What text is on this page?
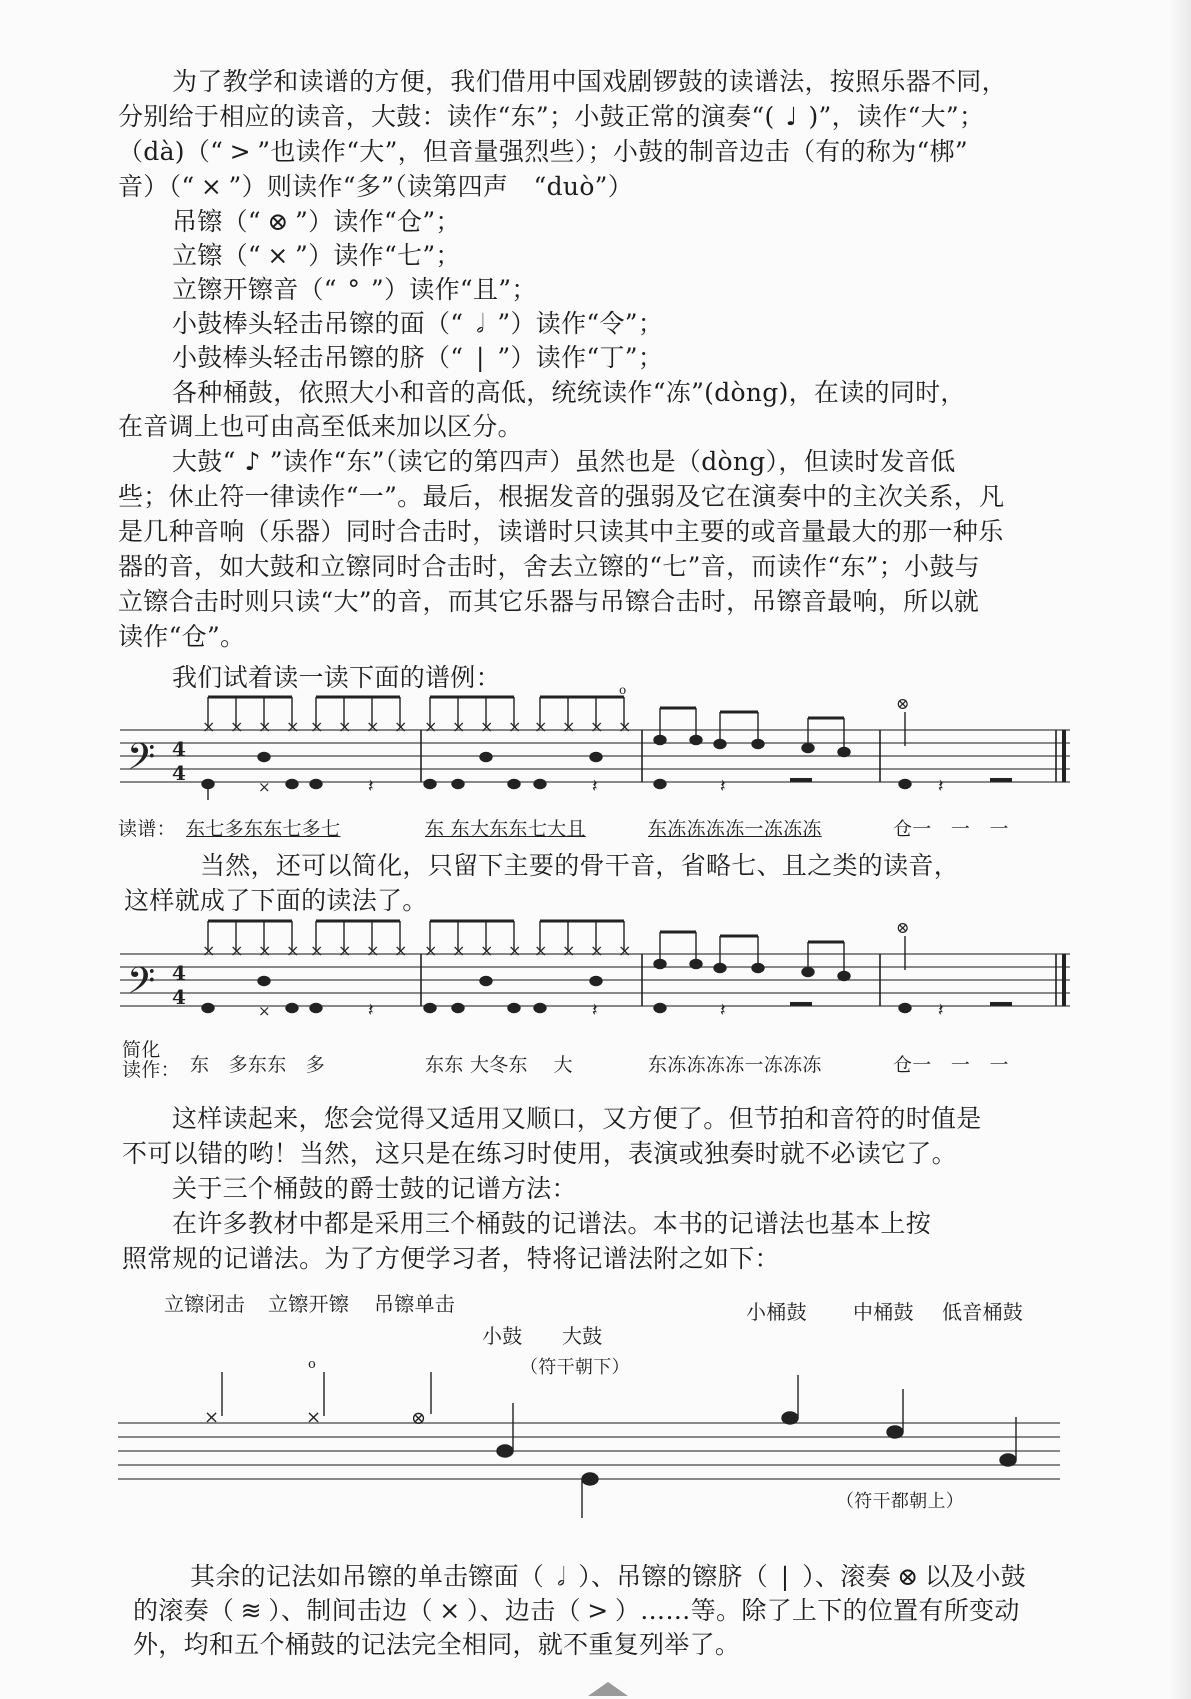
为了教学和读谱的方便，我们借用中国戏剧锣鼓的读谱法，按照乐器不同，
分别给于相应的读音，大鼓：读作“东”；小鼓正常的演奏“( ♩ )”，读作“大”；
（dà)（“ > ”也读作“大”，但音量强烈些）；小鼓的制音边击（有的称为“梆”
音）（“ × ”）则读作“多”（读第四声　“duò”）
吊镲（“ ⊗ ”）读作“仓”；
立镲（“ × ”）读作“七”；
立镲开镲音（“ ° ”）读作“且”；
小鼓棒头轻击吊镲的面（“ 𝅗𝅥 ”）读作“令”；
小鼓棒头轻击吊镲的脐（“ | ”）读作“丁”；
各种桶鼓，依照大小和音的高低，统统读作“冻”(dòng)，在读的同时，
在音调上也可由高至低来加以区分。
大鼓“ ♪ ”读作“东”（读它的第四声）虽然也是（dòng），但读时发音低
些；休止符一律读作“一”。最后，根据发音的强弱及它在演奏中的主次关系，凡
是几种音响（乐器）同时合击时，读谱时只读其中主要的或音量最大的那一种乐
器的音，如大鼓和立镲同时合击时，舍去立镲的“七”音，而读作“东”；小鼓与
立镲合击时则只读“大”的音，而其它乐器与吊镲合击时，吊镲音最响，所以就
读作“仓”。
我们试着读一读下面的谱例：
𝄢 4
4
× × × × × × × × × × × × × × × ×
o
⊗
×	𝄽	𝄽	𝄽	𝄽
读谱： 东七多东东七多七	东 东大东东七大且	东冻冻冻冻一冻冻冻	仓一　一　一
当然，还可以简化，只留下主要的骨干音，省略七、且之类的读音，
这样就成了下面的读法了。
𝄢 4
4
× × × × × × × × × × × × × × × ×
⊗
×	𝄽	𝄽	𝄽	𝄽
简化
读作： 东　多东东　多	东东 大冬东　 大	东冻冻冻冻一冻冻冻	仓一　一　一
这样读起来，您会觉得又适用又顺口，又方便了。但节拍和音符的时值是
不可以错的哟！当然，这只是在练习时使用，表演或独奏时就不必读它了。
关于三个桶鼓的爵士鼓的记谱方法：
在许多教材中都是采用三个桶鼓的记谱法。本书的记谱法也基本上按
照常规的记谱法。为了方便学习者，特将记谱法附之如下：
立镲闭击 立镲开镲 吊镲单击
小鼓 大鼓
（符干朝下）
小桶鼓 中桶鼓 低音桶鼓
（符干都朝上）
×	×
o
⊗
其余的记法如吊镲的单击镲面（ 𝅗𝅥 ）、吊镲的镲脐（ | ）、滚奏 ⊗ 以及小鼓
的滚奏（ ≋ ）、制间击边（ × ）、边击（ > ）……等。除了上下的位置有所变动
外，均和五个桶鼓的记法完全相同，就不重复列举了。
